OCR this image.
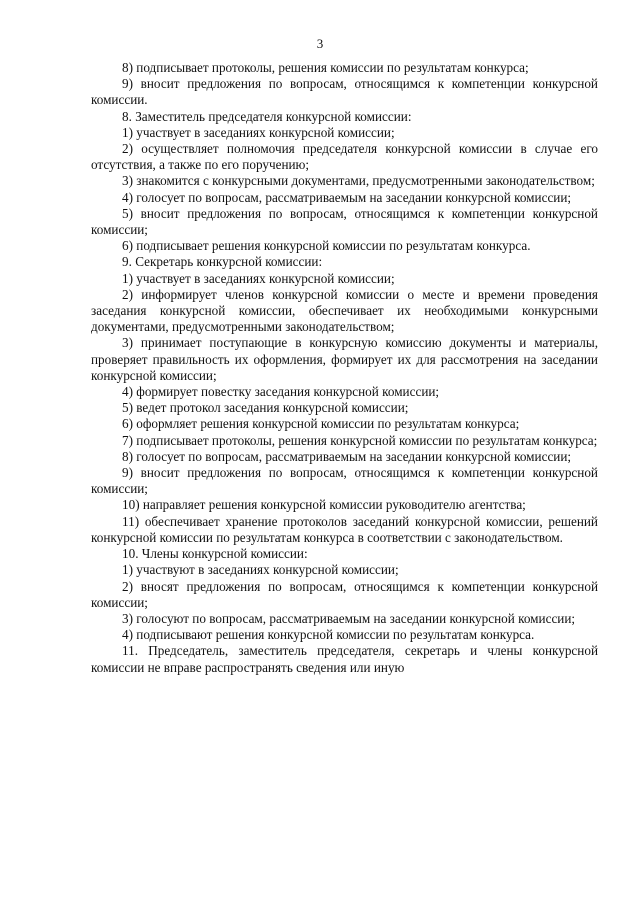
3

8) подписывает протоколы, решения комиссии по результатам конкурса;

9) вносит предложения по вопросам, относящимся к компетенции конкурсной комиссии.

8. Заместитель председателя конкурсной комиссии:

1) участвует в заседаниях конкурсной комиссии;

2) осуществляет полномочия председателя конкурсной комиссии в случае его отсутствия, а также по его поручению;

3) знакомится с конкурсными документами, предусмотренными законодательством;

4) голосует по вопросам, рассматриваемым на заседании конкурсной комиссии;

5) вносит предложения по вопросам, относящимся к компетенции конкурсной комиссии;

6) подписывает решения конкурсной комиссии по результатам конкурса.

9. Секретарь конкурсной комиссии:

1) участвует в заседаниях конкурсной комиссии;

2) информирует членов конкурсной комиссии о месте и времени проведения заседания конкурсной комиссии, обеспечивает их необходимыми конкурсными документами, предусмотренными законодательством;

3) принимает поступающие в конкурсную комиссию документы и материалы, проверяет правильность их оформления, формирует их для рассмотрения на заседании конкурсной комиссии;

4) формирует повестку заседания конкурсной комиссии;

5) ведет протокол заседания конкурсной комиссии;

6) оформляет решения конкурсной комиссии по результатам конкурса;

7) подписывает протоколы, решения конкурсной комиссии по результатам конкурса;

8) голосует по вопросам, рассматриваемым на заседании конкурсной комиссии;

9) вносит предложения по вопросам, относящимся к компетенции конкурсной комиссии;

10) направляет решения конкурсной комиссии руководителю агентства;

11) обеспечивает хранение протоколов заседаний конкурсной комиссии, решений конкурсной комиссии по результатам конкурса в соответствии с законодательством.

10. Члены конкурсной комиссии:

1) участвуют в заседаниях конкурсной комиссии;

2) вносят предложения по вопросам, относящимся к компетенции конкурсной комиссии;

3) голосуют по вопросам, рассматриваемым на заседании конкурсной комиссии;

4) подписывают решения конкурсной комиссии по результатам конкурса.

11. Председатель, заместитель председателя, секретарь и члены конкурсной комиссии не вправе распространять сведения или иную
